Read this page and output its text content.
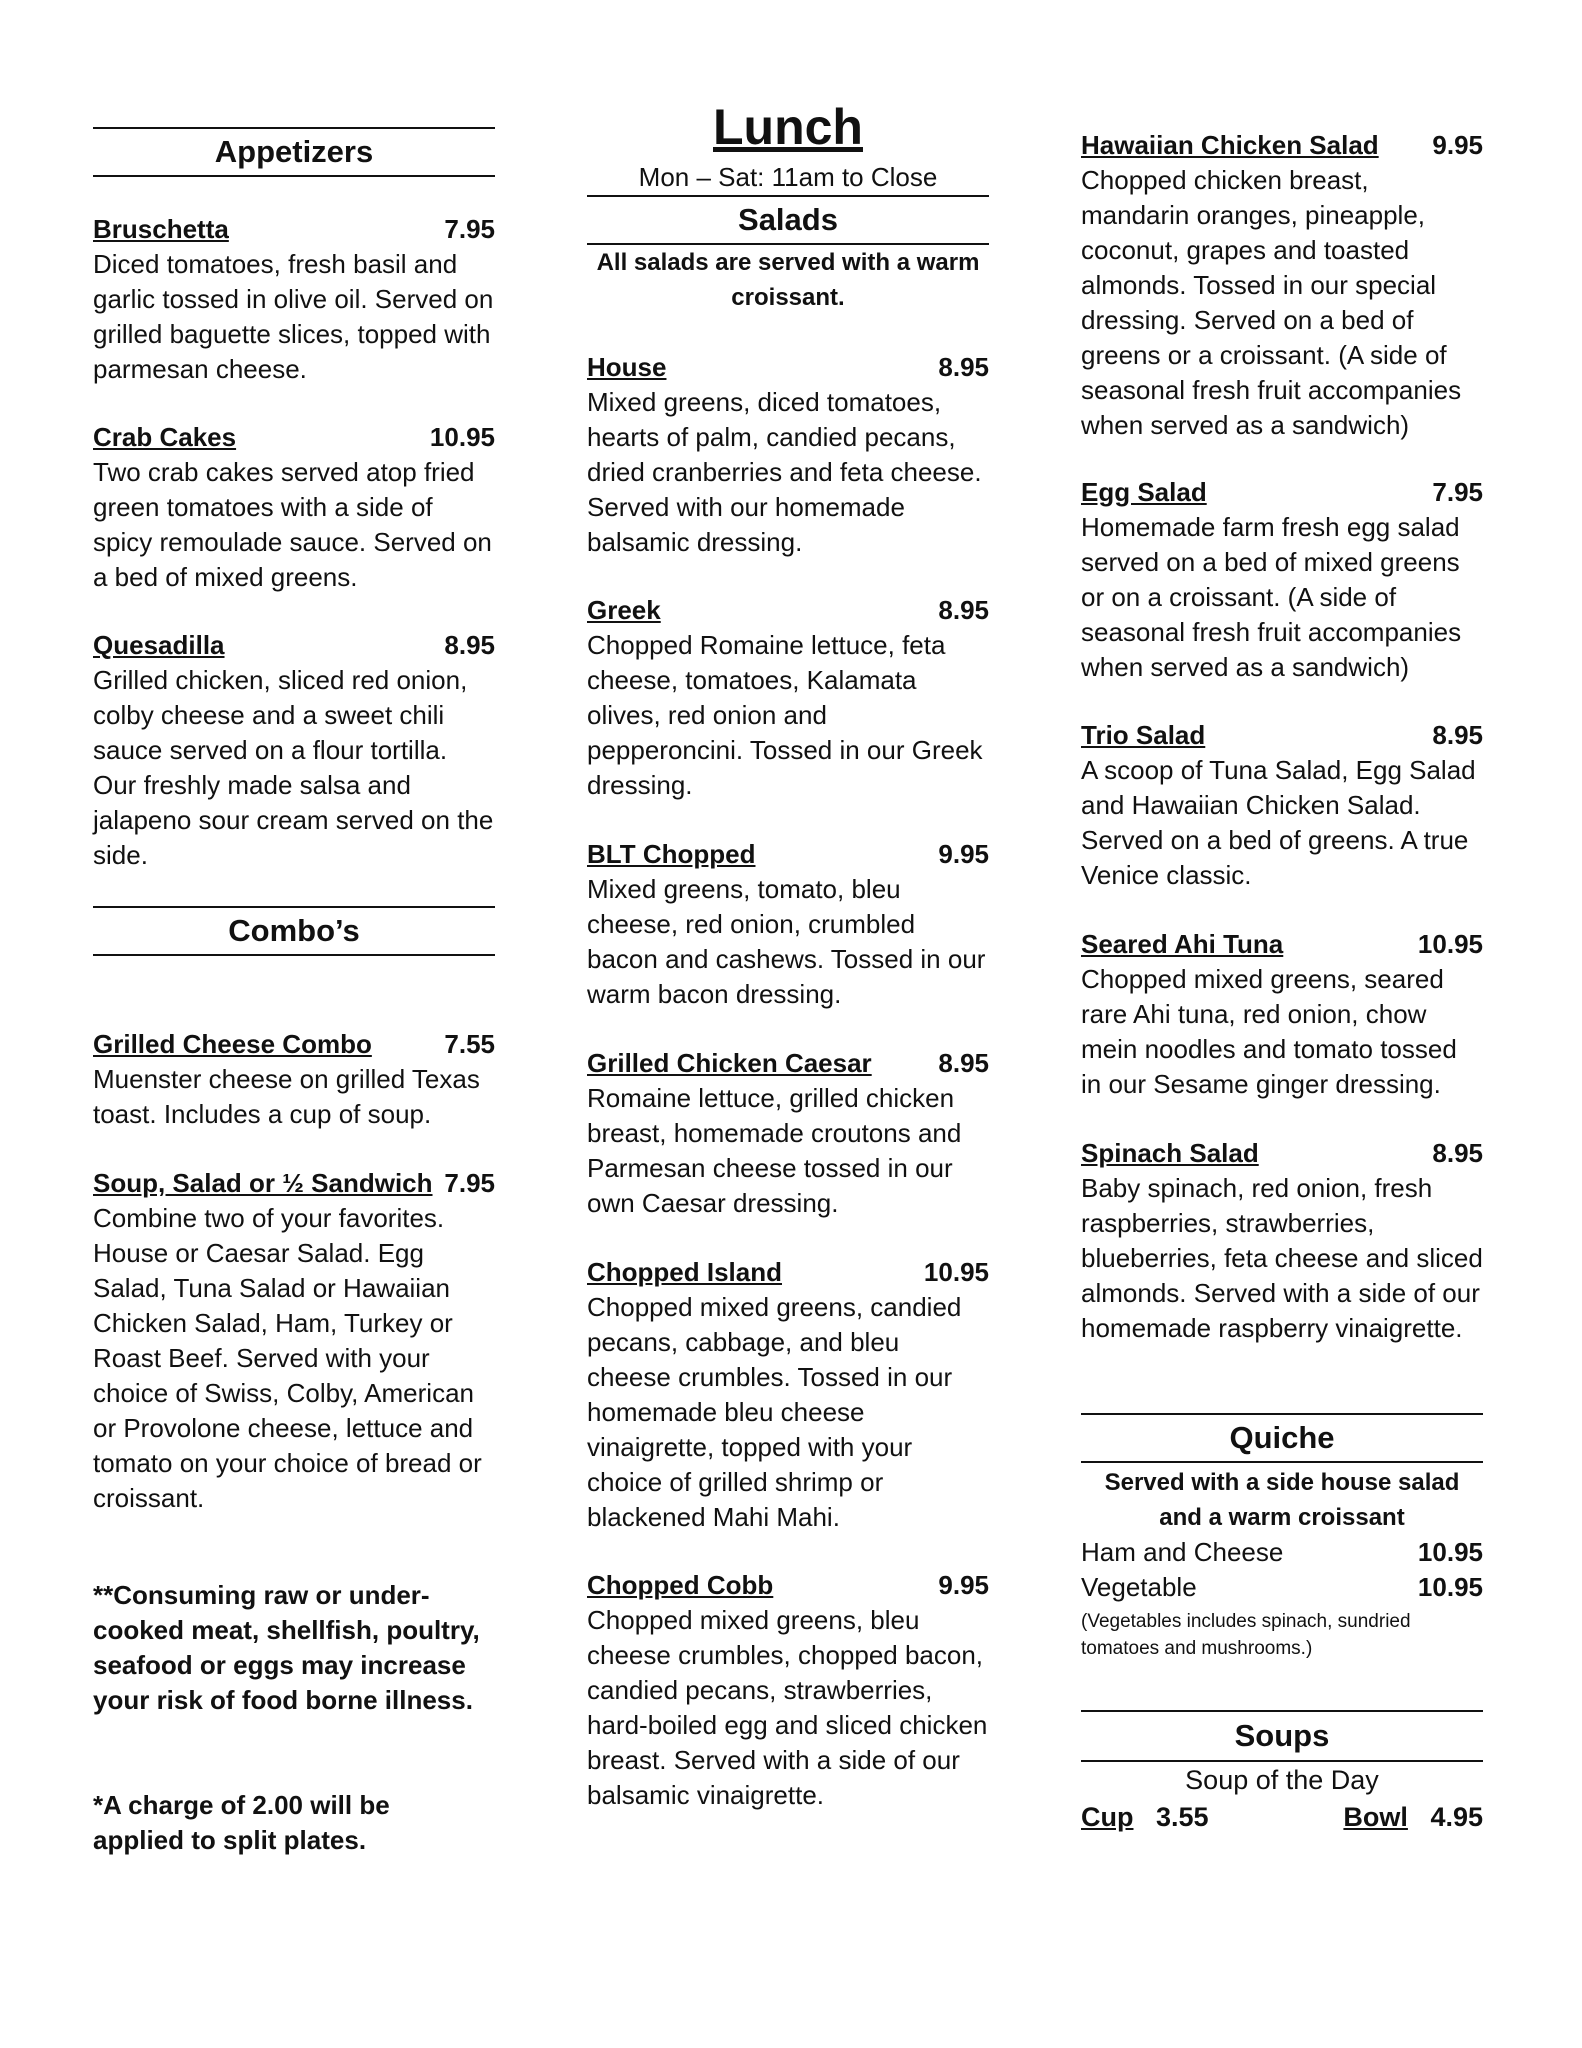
Appetizers
Bruschetta	7.95
Diced tomatoes, fresh basil and garlic tossed in olive oil. Served on grilled baguette slices, topped with parmesan cheese.
Crab Cakes	10.95
Two crab cakes served atop fried green tomatoes with a side of spicy remoulade sauce. Served on a bed of mixed greens.
Quesadilla	8.95
Grilled chicken, sliced red onion, colby cheese and a sweet chili sauce served on a flour tortilla. Our freshly made salsa and jalapeno sour cream served on the side.
Combo’s
Grilled Cheese Combo	7.55
Muenster cheese on grilled Texas toast. Includes a cup of soup.
Soup, Salad or ½ Sandwich 7.95
Combine two of your favorites. House or Caesar Salad. Egg Salad, Tuna Salad or Hawaiian Chicken Salad, Ham, Turkey or Roast Beef. Served with your choice of Swiss, Colby, American or Provolone cheese, lettuce and tomato on your choice of bread or croissant.
**Consuming raw or under-cooked meat, shellfish, poultry, seafood or eggs may increase your risk of food borne illness.
*A charge of 2.00 will be applied to split plates.
Lunch
Mon – Sat: 11am to Close
Salads
All salads are served with a warm croissant.
House	8.95
Mixed greens, diced tomatoes, hearts of palm, candied pecans, dried cranberries and feta cheese. Served with our homemade balsamic dressing.
Greek	8.95
Chopped Romaine lettuce, feta cheese, tomatoes, Kalamata olives, red onion and pepperoncini. Tossed in our Greek dressing.
BLT Chopped	9.95
Mixed greens, tomato, bleu cheese, red onion, crumbled bacon and cashews. Tossed in our warm bacon dressing.
Grilled Chicken Caesar	8.95
Romaine lettuce, grilled chicken breast, homemade croutons and Parmesan cheese tossed in our own Caesar dressing.
Chopped Island	10.95
Chopped mixed greens, candied pecans, cabbage, and bleu cheese crumbles. Tossed in our homemade bleu cheese vinaigrette, topped with your choice of grilled shrimp or blackened Mahi Mahi.
Chopped Cobb	9.95
Chopped mixed greens, bleu cheese crumbles, chopped bacon, candied pecans, strawberries, hard-boiled egg and sliced chicken breast. Served with a side of our balsamic vinaigrette.
Hawaiian Chicken Salad 9.95
Chopped chicken breast, mandarin oranges, pineapple, coconut, grapes and toasted almonds. Tossed in our special dressing. Served on a bed of greens or a croissant. (A side of seasonal fresh fruit accompanies when served as a sandwich)
Egg Salad	7.95
Homemade farm fresh egg salad served on a bed of mixed greens or on a croissant. (A side of seasonal fresh fruit accompanies when served as a sandwich)
Trio Salad	8.95
A scoop of Tuna Salad, Egg Salad and Hawaiian Chicken Salad. Served on a bed of greens. A true Venice classic.
Seared Ahi Tuna	10.95
Chopped mixed greens, seared rare Ahi tuna, red onion, chow mein noodles and tomato tossed in our Sesame ginger dressing.
Spinach Salad	8.95
Baby spinach, red onion, fresh raspberries, strawberries, blueberries, feta cheese and sliced almonds. Served with a side of our homemade raspberry vinaigrette.
Quiche
Served with a side house salad and a warm croissant
Ham and Cheese	10.95
Vegetable	10.95
(Vegetables includes spinach, sundried tomatoes and mushrooms.)
Soups
Soup of the Day
Cup 3.55	Bowl 4.95
